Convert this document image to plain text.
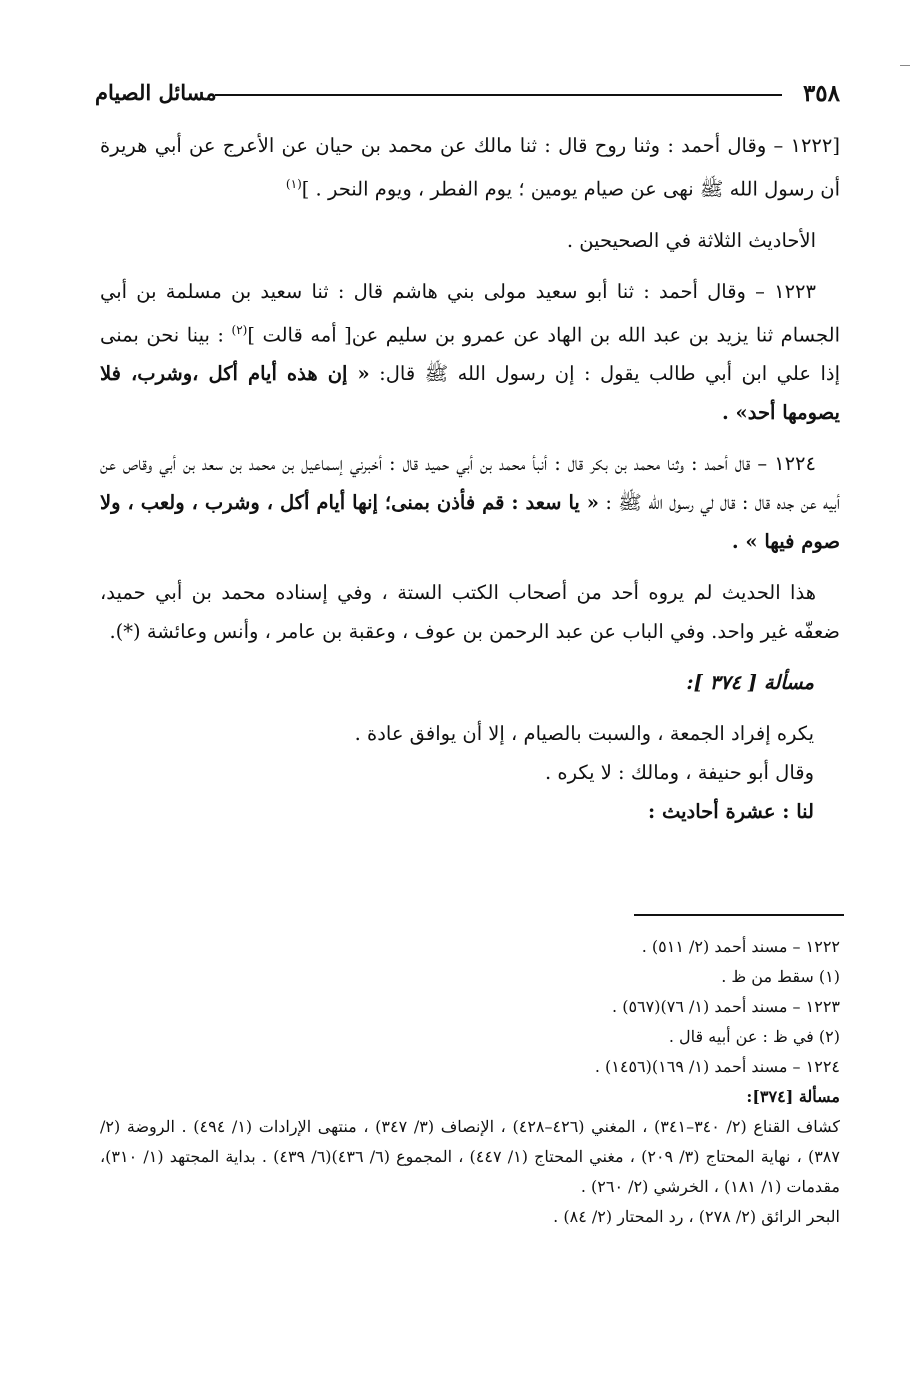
مسائل الصيام	٣٥٨

[١٢٢٢ – وقال أحمد : وثنا روح قال : ثنا مالك عن محمد بن حيان عن الأعرج عن أبي هريرة أن رسول الله ﷺ نهى عن صيام يومين ؛ يوم الفطر ، ويوم النحر . ]$^{(١)}$

الأحاديث الثلاثة في الصحيحين .

١٢٢٣ – وقال أحمد : ثنا أبو سعيد مولى بني هاشم قال : ثنا سعيد بن مسلمة بن أبي الجسام ثنا يزيد بن عبد الله بن الهاد عن عمرو بن سليم عن[ أمه قالت ]$^{(٢)}$ : بينا نحن بمنى إذا علي ابن أبي طالب يقول : إن رسول الله ﷺ قال: « إن هذه أيام أكل ،وشرب، فلا يصومها أحد» .

١٢٢٤ – قال أحمد : وثنا محمد بن بكر قال : أنبأ محمد بن أبي حميد قال : أخبرني إسماعيل بن محمد بن سعد بن أبي وقاص عن أبيه عن جده قال : قال لي رسول الله ﷺ : « يا سعد : قم فأذن بمنى؛ إنها أيام أكل ، وشرب ، ولعب ، ولا صوم فيها » .

هذا الحديث لم يروه أحد من أصحاب الكتب الستة ، وفي إسناده محمد بن أبي حميد، ضعفّه غير واحد. وفي الباب عن عبد الرحمن بن عوف ، وعقبة بن عامر ، وأنس وعائشة (*).

مسألة [ ٣٧٤ ]:

يكره إفراد الجمعة ، والسبت بالصيام ، إلا أن يوافق عادة .

وقال أبو حنيفة ، ومالك : لا يكره .

لنا : عشرة أحاديث :

١٢٢٢ – مسند أحمد (٢/ ٥١١) .

(١) سقط من ظ .

١٢٢٣ – مسند أحمد (١/ ٧٦)(٥٦٧) .

(٢) في ظ : عن أبيه قال .

١٢٢٤ – مسند أحمد (١/ ١٦٩)(١٤٥٦) .

مسألة [٣٧٤]:

كشاف القناع (٢/ ٣٤٠–٣٤١) ، المغني (٤٢٦–٤٢٨) ، الإنصاف (٣/ ٣٤٧) ، منتهى الإرادات (١/ ٤٩٤) . الروضة (٢/ ٣٨٧) ، نهاية المحتاج (٣/ ٢٠٩) ، مغني المحتاج (١/ ٤٤٧) ، المجموع (٦/ ٤٣٦)(٦/ ٤٣٩) . بداية المجتهد (١/ ٣١٠)، مقدمات (١/ ١٨١) ، الخرشي (٢/ ٢٦٠) .

البحر الرائق (٢/ ٢٧٨) ، رد المحتار (٢/ ٨٤) .
